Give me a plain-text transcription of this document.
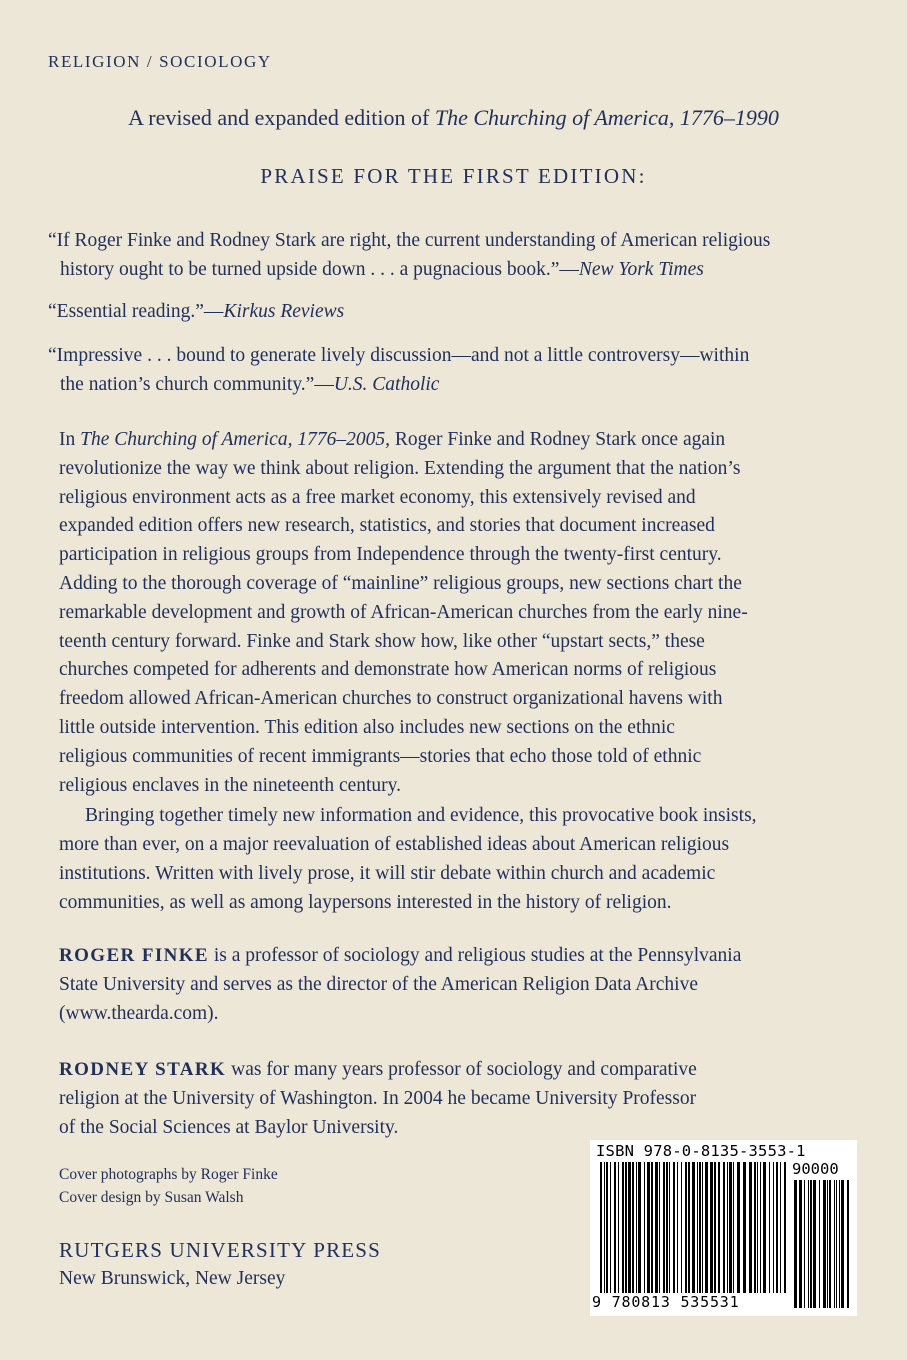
RELIGION / SOCIOLOGY
A revised and expanded edition of The Churching of America, 1776–1990
PRAISE FOR THE FIRST EDITION:
“If Roger Finke and Rodney Stark are right, the current understanding of American religious
history ought to be turned upside down . . . a pugnacious book.”—New York Times
“Essential reading.”—Kirkus Reviews
“Impressive . . . bound to generate lively discussion—and not a little controversy—within
the nation’s church community.”—U.S. Catholic

In The Churching of America, 1776–2005, Roger Finke and Rodney Stark once again
revolutionize the way we think about religion. Extending the argument that the nation’s
religious environment acts as a free market economy, this extensively revised and
expanded edition offers new research, statistics, and stories that document increased
participation in religious groups from Independence through the twenty-first century.
Adding to the thorough coverage of “mainline” religious groups, new sections chart the
remarkable development and growth of African-American churches from the early nine-
teenth century forward. Finke and Stark show how, like other “upstart sects,” these
churches competed for adherents and demonstrate how American norms of religious
freedom allowed African-American churches to construct organizational havens with
little outside intervention. This edition also includes new sections on the ethnic
religious communities of recent immigrants—stories that echo those told of ethnic
religious enclaves in the nineteenth century.

Bringing together timely new information and evidence, this provocative book insists,
more than ever, on a major reevaluation of established ideas about American religious
institutions. Written with lively prose, it will stir debate within church and academic
communities, as well as among laypersons interested in the history of religion.

ROGER FINKE is a professor of sociology and religious studies at the Pennsylvania
State University and serves as the director of the American Religion Data Archive
(www.thearda.com).
RODNEY STARK was for many years professor of sociology and comparative
religion at the University of Washington. In 2004 he became University Professor
of the Social Sciences at Baylor University.
Cover photographs by Roger Finke
Cover design by Susan Walsh
RUTGERS UNIVERSITY PRESS
New Brunswick, New Jersey
ISBN 978-0-8135-3553-1
90000
9 780813 535531
